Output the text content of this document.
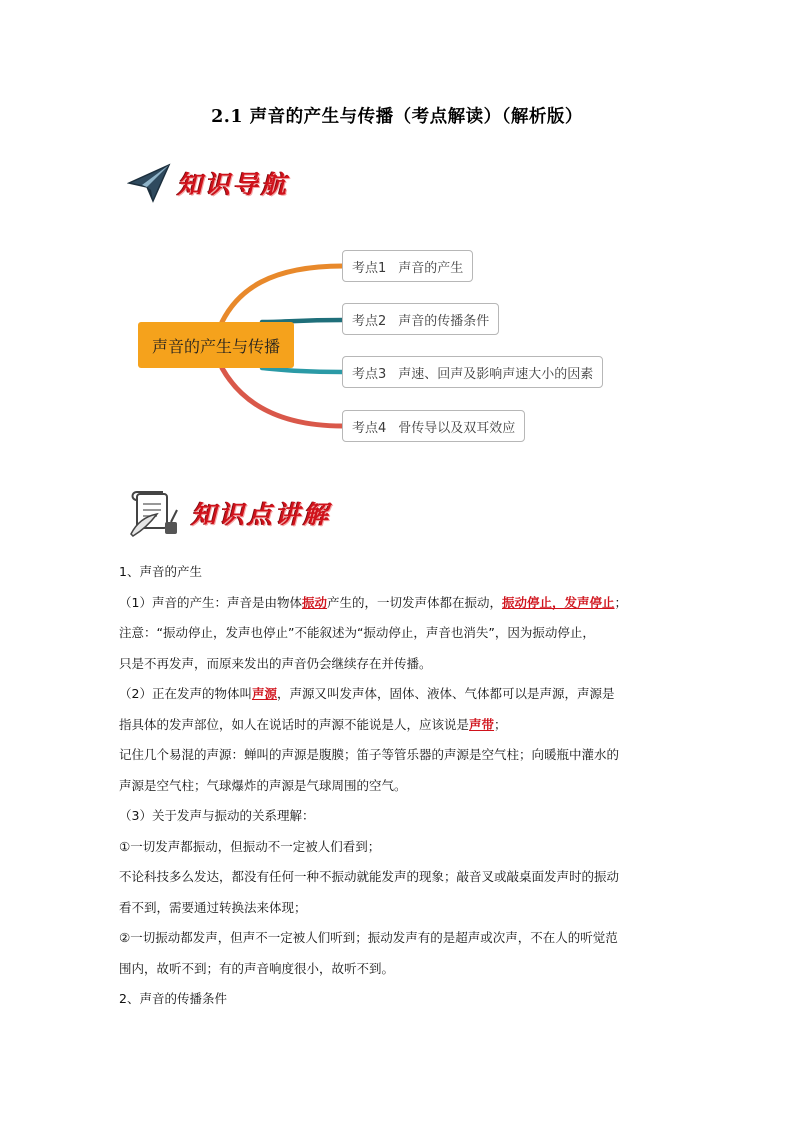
2.1 声音的产生与传播（考点解读）（解析版）
知识导航
声音的产生与传播
考点1 声音的产生
考点2 声音的传播条件
考点3 声速、回声及影响声速大小的因素
考点4 骨传导以及双耳效应
知识点讲解

1、声音的产生

（1）声音的产生：声音是由物体振动产生的，一切发声体都在振动，振动停止，发声停止；

注意：“振动停止，发声也停止”不能叙述为“振动停止，声音也消失”，因为振动停止，

只是不再发声，而原来发出的声音仍会继续存在并传播。

（2）正在发声的物体叫声源，声源又叫发声体，固体、液体、气体都可以是声源，声源是

指具体的发声部位，如人在说话时的声源不能说是人，应该说是声带；

记住几个易混的声源：蝉叫的声源是腹膜；笛子等管乐器的声源是空气柱；向暖瓶中灌水的

声源是空气柱；气球爆炸的声源是气球周围的空气。

（3）关于发声与振动的关系理解：

①一切发声都振动，但振动不一定被人们看到；

不论科技多么发达，都没有任何一种不振动就能发声的现象；敲音叉或敲桌面发声时的振动

看不到，需要通过转换法来体现；

②一切振动都发声，但声不一定被人们听到；振动发声有的是超声或次声，不在人的听觉范

围内，故听不到；有的声音响度很小，故听不到。

2、声音的传播条件
